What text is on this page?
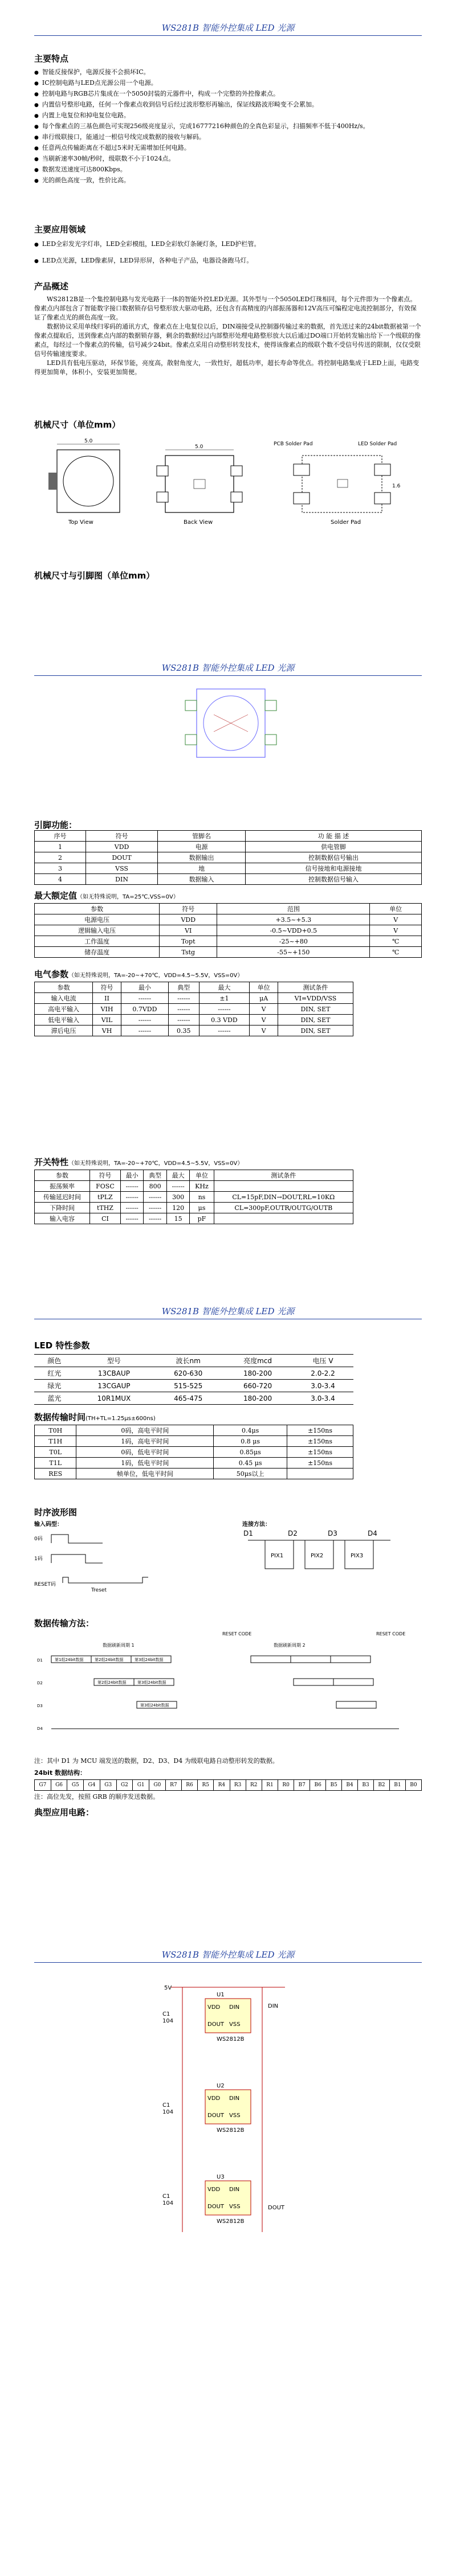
WS281B 智能外控集成 LED 光源
主要特点
● 智能反接保护，电源反接不会损坏IC。
● IC控制电路与LED点光源公用一个电源。
● 控制电路与RGB芯片集成在一个5050封装的元器件中，构成一个完整的外控像素点。
● 内置信号整形电路，任何一个像素点收到信号后经过波形整形再输出，保证线路波形畸变不会累加。
● 内置上电复位和掉电复位电路。
● 每个像素点的三基色颜色可实现256级亮度显示，完成16777216种颜色的全真色彩显示，扫描频率不低于400Hz/s。
● 串行级联接口，能通过一根信号线完成数据的接收与解码。
● 任意两点传输距离在不超过5米时无需增加任何电路。
● 当刷新速率30帧/秒时，级联数不小于1024点。
● 数据发送速度可达800Kbps。
● 光的颜色高度一致，性价比高。
主要应用领域
● LED全彩发光字灯串，LED全彩模组，LED全彩软灯条硬灯条，LED护栏管。
● LED点光源，LED像素屏，LED异形屏，各种电子产品，电器设备跑马灯。
产品概述
WS2812B是一个集控制电路与发光电路于一体的智能外控LED光源。其外型与一个5050LED灯珠相同，每个元件即为一个像素点。像素点内部包含了智能数字接口数据锁存信号整形放大驱动电路，还包含有高精度的内部振荡器和12V高压可编程定电流控制部分，有效保证了像素点光的颜色高度一致。
数据协议采用单线归零码的通讯方式，像素点在上电复位以后，DIN端接受从控制器传输过来的数据，首先送过来的24bit数据被第一个像素点提取后，送到像素点内部的数据锁存器，剩余的数据经过内部整形处理电路整形放大以后通过DO端口开始转发输出给下一个级联的像素点，每经过一个像素点的传输，信号减少24bit。像素点采用自动整形转发技术，使得该像素点的级联个数不受信号传送的限制，仅仅受限信号传输速度要求。
LED具有低电压驱动，环保节能，亮度高，散射角度大，一致性好，超低功率，超长寿命等优点。将控制电路集成于LED上面，电路变得更加简单，体积小，安装更加简便。
机械尺寸（单位mm）
5.0
Top View
5.0
Back View
PCB Solder Pad	LED Solder Pad
Solder Pad
1.6
机械尺寸与引脚图（单位mm）
WS281B 智能外控集成 LED 光源
引脚功能：
序号	符号	管脚名	功 能 描 述
1	VDD	电源	供电管脚
2	DOUT	数据输出	控制数据信号输出
3	VSS	地	信号接地和电源接地
4	DIN	数据输入	控制数据信号输入
最大额定值（如无特殊说明，TA=25℃,VSS=0V）
参数	符号	范围	单位
电源电压	VDD	+3.5~+5.3	V
逻辑输入电压	VI	-0.5~VDD+0.5	V
工作温度	Topt	-25~+80	℃
储存温度	Tstg	-55~+150	℃
电气参数（如无特殊说明，TA=-20~+70℃，VDD=4.5~5.5V，VSS=0V）
参数	符号	最小	典型	最大	单位	测试条件
输入电流	II	------	------	±1	μA	VI=VDD/VSS
高电平输入	VIH	0.7VDD	------	------	V	DIN, SET
低电平输入	VIL	------	------	0.3 VDD	V	DIN, SET
滞后电压	VH	------	0.35	------	V	DIN, SET
开关特性（如无特殊说明，TA=-20~+70℃，VDD=4.5~5.5V，VSS=0V）
参数	符号	最小	典型	最大	单位	测试条件
振荡频率	FOSC	------	800	------	KHz	
传输延迟时间	tPLZ	------	------	300	ns	CL=15pF,DIN→DOUT,RL=10KΩ
下降时间	tTHZ	------	------	120	μs	CL=300pF,OUTR/OUTG/OUTB
输入电容	CI	------	------	15	pF	
WS281B 智能外控集成 LED 光源
LED 特性参数
颜色	型号	波长nm	亮度mcd	电压 V
红光	13CBAUP	620-630	180-200	2.0-2.2
绿光	13CGAUP	515-525	660-720	3.0-3.4
蓝光	10R1MUX	465-475	180-200	3.0-3.4
数据传输时间(TH+TL=1.25μs±600ns)
T0H	0码，高电平时间	0.4μs	±150ns
T1H	1码，高电平时间	0.8 μs	±150ns
T0L	0码，低电平时间	0.85μs	±150ns
T1L	1码，低电平时间	0.45 μs	±150ns
RES	帧单位，低电平时间	50μs以上	
时序波形图
输入码型：	连接方法：
0码
1码
RESET码
Treset
D1	D2	D3	D4
PIX1	PIX2	PIX3
数据传输方法：
RESET CODE	RESET CODE
数据刷新周期 1	数据刷新周期 2
D1
D2
D3
D4
第1组24bit数据	第2组24bit数据	第3组24bit数据
第2组24bit数据	第3组24bit数据
第3组24bit数据
注：其中 D1 为 MCU 端发送的数据，D2、D3、D4 为级联电路自动整形转发的数据。
24bit 数据结构：
G7	G6	G5	G4	G3	G2	G1	G0	R7	R6	R5	R4	R3	R2	R1	R0	B7	B6	B5	B4	B3	B2	B1	B0
注：高位先发，按照 GRB 的顺序发送数据。
典型应用电路：
WS281B 智能外控集成 LED 光源
5V
VDD DIN
DOUT VSS
WS2812B
U1
C1
104
DIN
VDD DIN
DOUT VSS
WS2812B
U2
C1
104
VDD DIN
DOUT VSS
WS2812B
U3
C1
104
DOUT
